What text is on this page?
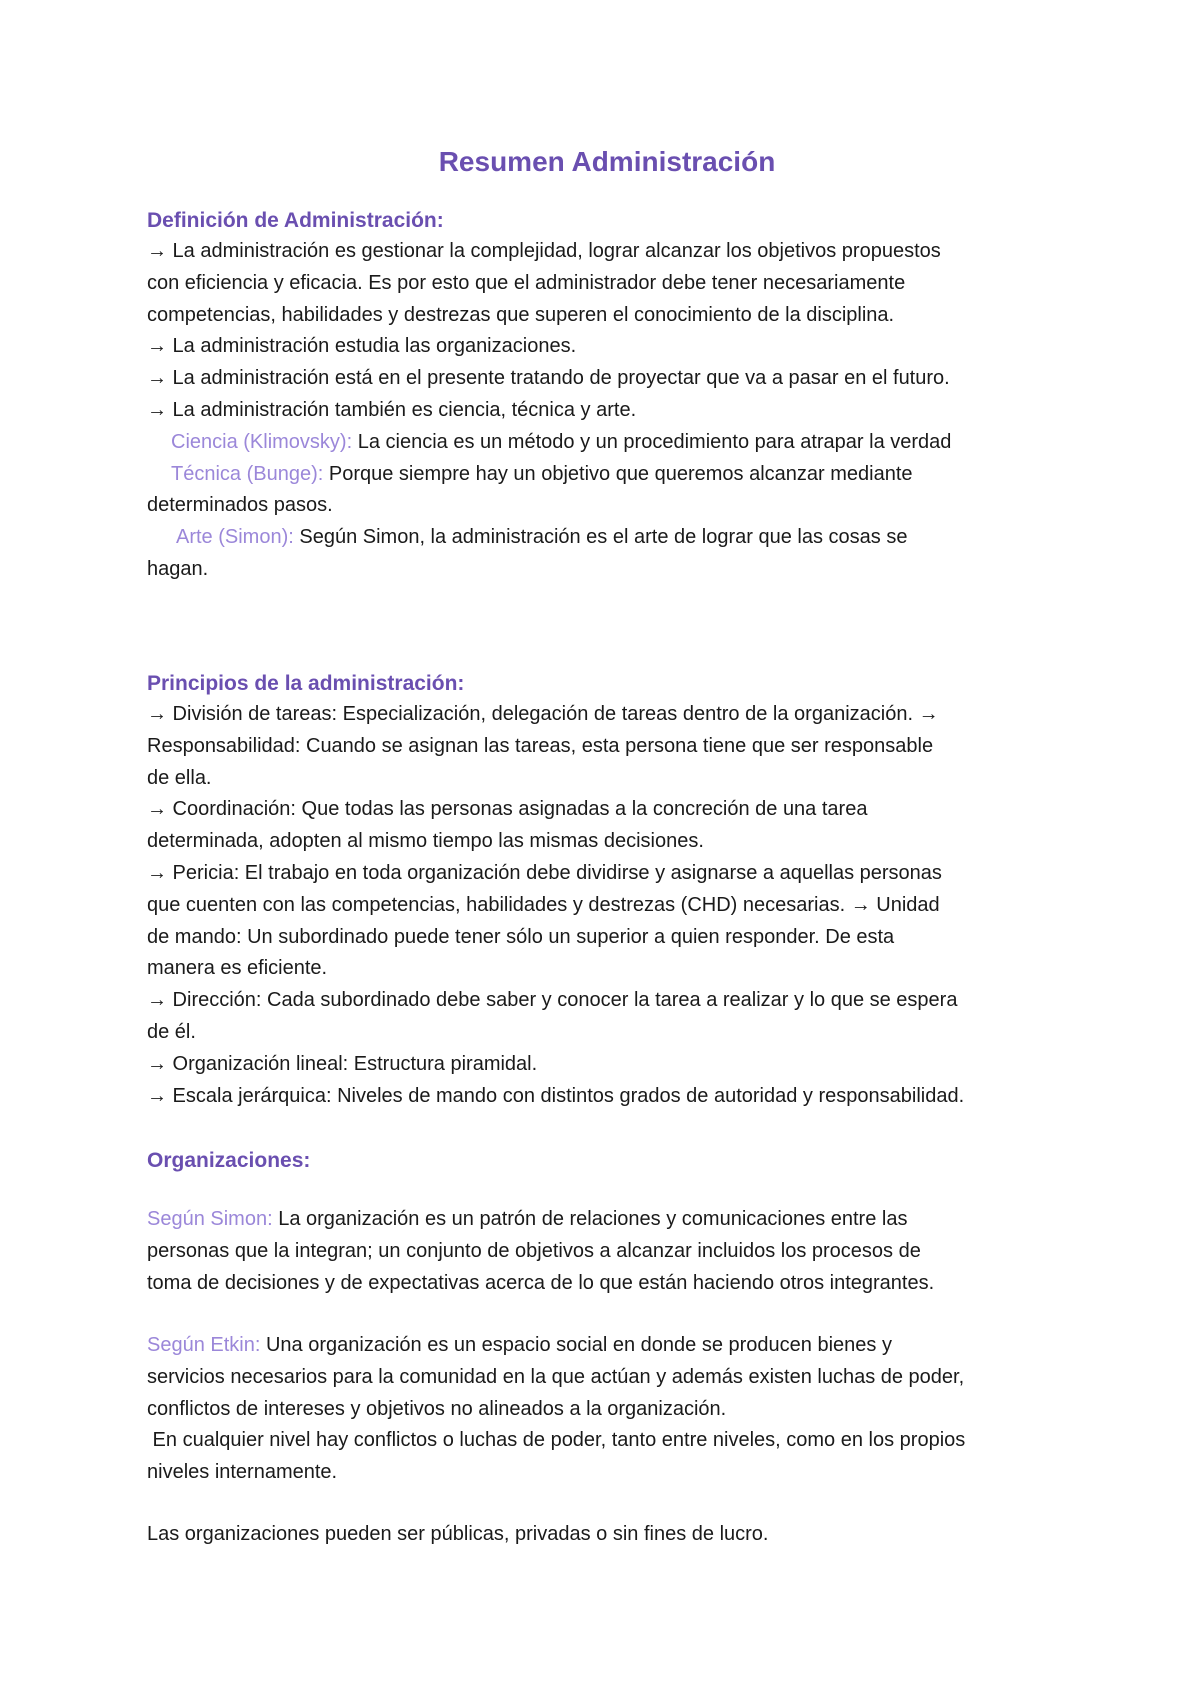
Resumen Administración
Definición de Administración:

→ La administración es gestionar la complejidad, lograr alcanzar los objetivos propuestos

con eficiencia y eficacia. Es por esto que el administrador debe tener necesariamente

competencias, habilidades y destrezas que superen el conocimiento de la disciplina.

→ La administración estudia las organizaciones.

→ La administración está en el presente tratando de proyectar que va a pasar en el futuro.

→ La administración también es ciencia, técnica y arte.

Ciencia (Klimovsky): La ciencia es un método y un procedimiento para atrapar la verdad

Técnica (Bunge): Porque siempre hay un objetivo que queremos alcanzar mediante

determinados pasos.

Arte (Simon): Según Simon, la administración es el arte de lograr que las cosas se

hagan.

Principios de la administración:

→ División de tareas: Especialización, delegación de tareas dentro de la organización. →

Responsabilidad: Cuando se asignan las tareas, esta persona tiene que ser responsable

de ella.

→ Coordinación: Que todas las personas asignadas a la concreción de una tarea

determinada, adopten al mismo tiempo las mismas decisiones.

→ Pericia: El trabajo en toda organización debe dividirse y asignarse a aquellas personas

que cuenten con las competencias, habilidades y destrezas (CHD) necesarias. → Unidad

de mando: Un subordinado puede tener sólo un superior a quien responder. De esta

manera es eficiente.

→ Dirección: Cada subordinado debe saber y conocer la tarea a realizar y lo que se espera

de él.

→ Organización lineal: Estructura piramidal.

→ Escala jerárquica: Niveles de mando con distintos grados de autoridad y responsabilidad.

Organizaciones:

Según Simon: La organización es un patrón de relaciones y comunicaciones entre las

personas que la integran; un conjunto de objetivos a alcanzar incluidos los procesos de

toma de decisiones y de expectativas acerca de lo que están haciendo otros integrantes.

Según Etkin: Una organización es un espacio social en donde se producen bienes y

servicios necesarios para la comunidad en la que actúan y además existen luchas de poder,

conflictos de intereses y objetivos no alineados a la organización.

En cualquier nivel hay conflictos o luchas de poder, tanto entre niveles, como en los propios

niveles internamente.

Las organizaciones pueden ser públicas, privadas o sin fines de lucro.
